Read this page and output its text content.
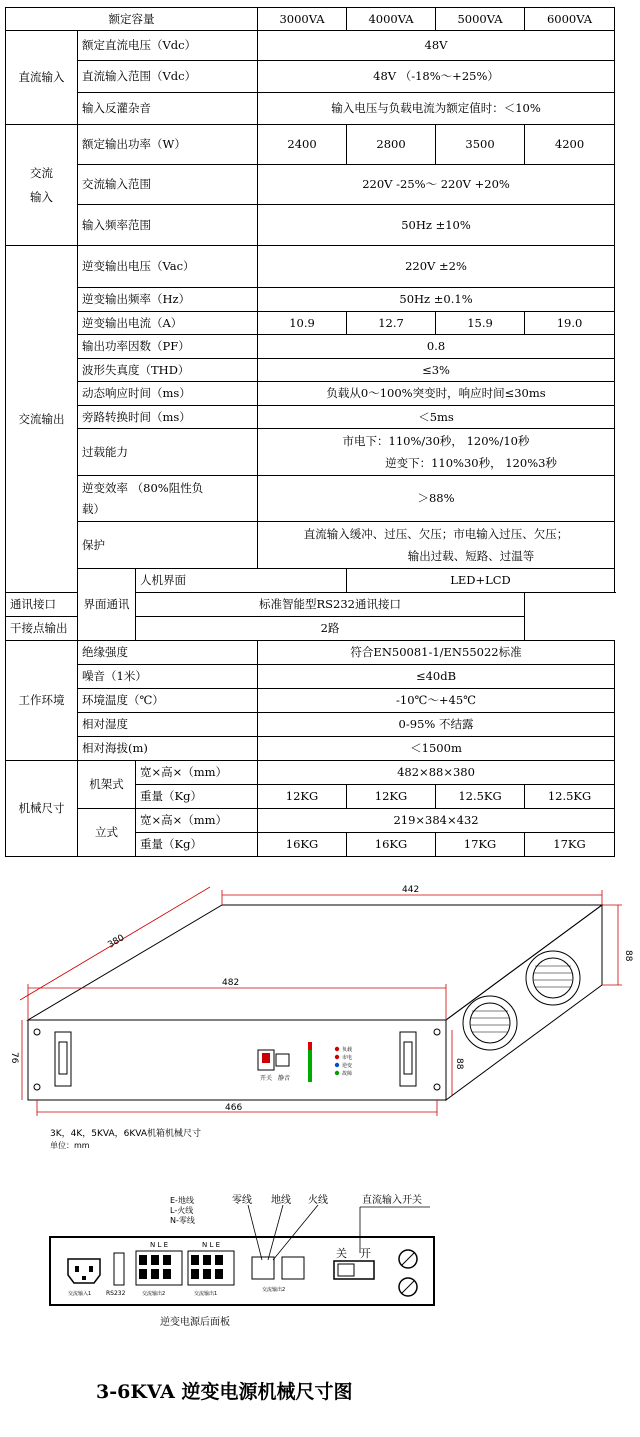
额定容量			3000VA	4000VA	5000VA	6000VA
直流输入	额定直流电压（Vdc）		48V			
	直流输入范围（Vdc）		48V （-18%～+25%）			
	输入反灌杂音		输入电压与负载电流为额定值时：＜10%			
交流输入	额定输出功率（W）		2400	2800	3500	4200
	交流输入范围		220V -25%～ 220V +20%			
	输入频率范围		50Hz ±10%			
交流输出	逆变输出电压（Vac）		220V ±2%			
	逆变输出频率（Hz）		50Hz ±0.1%			
	逆变输出电流（A）		10.9	12.7	15.9	19.0
	输出功率因数（PF）		0.8			
	波形失真度（THD）		≤3%			
	动态响应时间（ms）		负载从0～100%突变时，响应时间≤30ms			
	旁路转换时间（ms）		＜5ms			
	过载能力		市电下：110%/30秒， 120%/10秒
逆变下：110%30秒， 120%3秒			

	逆变效率 （80%阻性负
载）		＞88%			
	保护		直流输入缓冲、过压、欠压；市电输入过压、欠压；
输出过载、短路、过温等			

	界面通讯	人机界面		LED+LCD		
通讯接口		标准智能型RS232通讯接口				
干接点输出		2路				
工作环境	绝缘强度		符合EN50081-1/EN55022标准			
	噪音（1米）		≤40dB			
	环境温度（℃）		-10℃～+45℃			
	相对湿度		0-95% 不结露			
	相对海拔(m)		＜1500m			
机械尺寸	机架式	宽×高×（mm）	482×88×380			
		重量（Kg）	12KG	12KG	12.5KG	12.5KG
	立式	宽×高×（mm）	219×384×432			
		重量（Kg）	16KG	16KG	17KG	17KG
开关 静音
负载
市电
逆变
故障
380
442
88
482
76
88
466
3K，4K，5KVA，6KVA机箱机械尺寸
单位：mm
E-地线
L-火线
N-零线
零线 地线 火线	直流输入开关
RS232
交流输入1
N L E
交流输出2
N L E
交流输出1
交流输出2
关 开
逆变电源后面板
3-6KVA 逆变电源机械尺寸图
